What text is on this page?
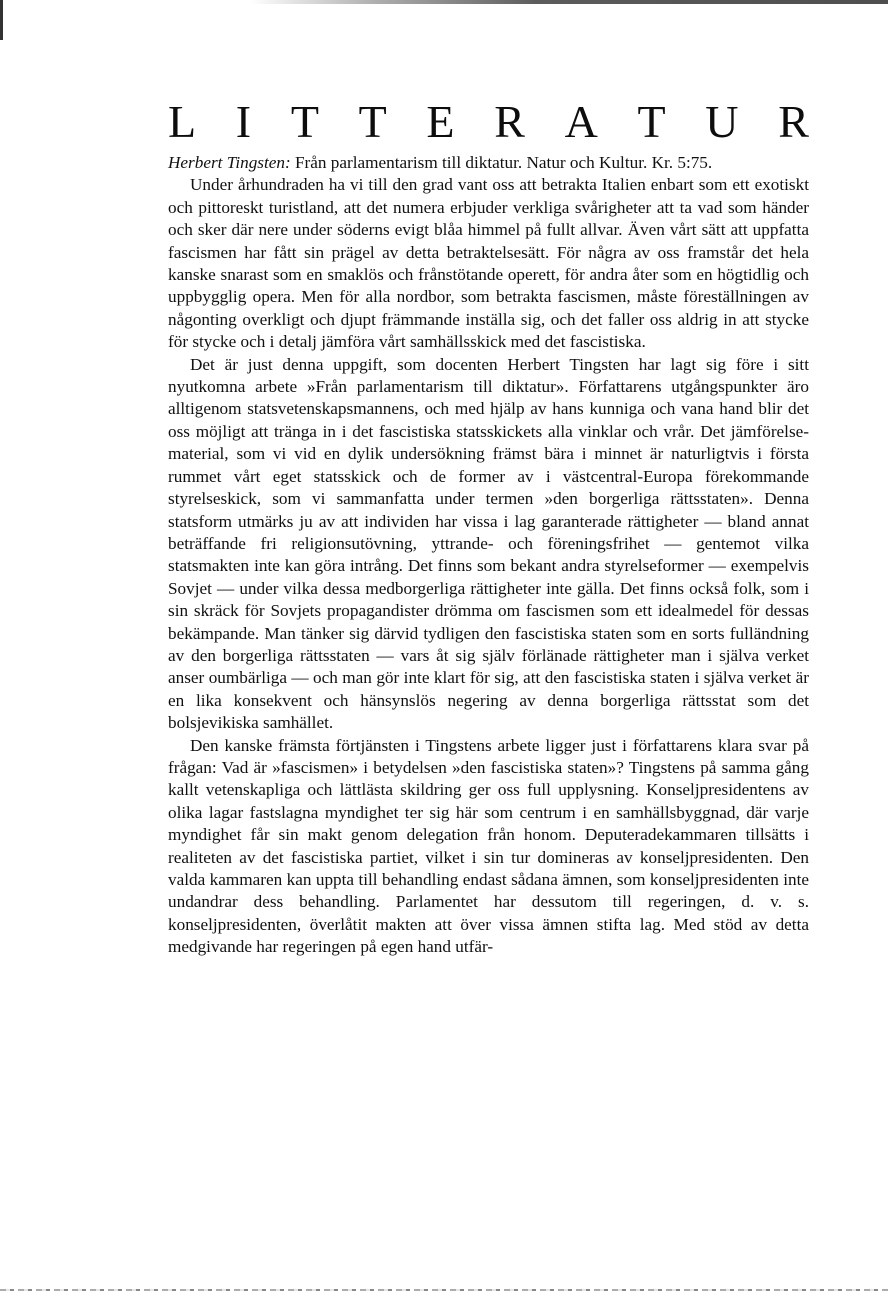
L I T T E R A T U R

Herbert Tingsten: Från parlamentarism till diktatur. Natur och Kultur. Kr. 5:75.

Under århundraden ha vi till den grad vant oss att betrakta Italien enbart som ett exotiskt och pittoreskt turistland, att det numera erbjuder verkliga svårigheter att ta vad som händer och sker där nere under söderns evigt blåa himmel på fullt allvar. Även vårt sätt att uppfatta fascismen har fått sin prägel av detta betraktelsesätt. För några av oss framstår det hela kanske snarast som en smaklös och frånstötande operett, för andra åter som en högtidlig och uppbygglig opera. Men för alla nordbor, som betrakta fascismen, måste föreställningen av någonting overkligt och djupt främmande inställa sig, och det faller oss aldrig in att stycke för stycke och i detalj jämföra vårt samhällsskick med det fascistiska.

Det är just denna uppgift, som docenten Herbert Tingsten har lagt sig före i sitt nyutkomna arbete »Från parlamentarism till diktatur». Författarens utgångspunkter äro alltigenom statsvetenskapsmannens, och med hjälp av hans kunniga och vana hand blir det oss möjligt att tränga in i det fascistiska statsskickets alla vinklar och vrår. Det jämförelsematerial, som vi vid en dylik undersökning främst bära i minnet är naturligtvis i första rummet vårt eget statsskick och de former av i västcentral-Europa förekommande styrelseskick, som vi sammanfatta under termen »den borgerliga rättsstaten». Denna statsform utmärks ju av att individen har vissa i lag garanterade rättigheter — bland annat beträffande fri religionsutövning, yttrande- och föreningsfrihet — gentemot vilka statsmakten inte kan göra intrång. Det finns som bekant andra styrelseformer — exempelvis Sovjet — under vilka dessa medborgerliga rättigheter inte gälla. Det finns också folk, som i sin skräck för Sovjets propagandister drömma om fascismen som ett idealmedel för dessas bekämpande. Man tänker sig därvid tydligen den fascistiska staten som en sorts fulländning av den borgerliga rättsstaten — vars åt sig själv förlänade rättigheter man i själva verket anser oumbärliga — och man gör inte klart för sig, att den fascistiska staten i själva verket är en lika konsekvent och hänsynslös negering av denna borgerliga rättsstat som det bolsjevikiska samhället.

Den kanske främsta förtjänsten i Tingstens arbete ligger just i författarens klara svar på frågan: Vad är »fascismen» i betydelsen »den fascistiska staten»? Tingstens på samma gång kallt vetenskapliga och lättlästa skildring ger oss full upplysning. Konseljpresidentens av olika lagar fastslagna myndighet ter sig här som centrum i en samhällsbyggnad, där varje myndighet får sin makt genom delegation från honom. Deputeradekammaren tillsätts i realiteten av det fascistiska partiet, vilket i sin tur domineras av konseljpresidenten. Den valda kammaren kan uppta till behandling endast sådana ämnen, som konseljpresidenten inte undandrar dess behandling. Parlamentet har dessutom till regeringen, d. v. s. konseljpresidenten, överlåtit makten att över vissa ämnen stifta lag. Med stöd av detta medgivande har regeringen på egen hand utfär-
